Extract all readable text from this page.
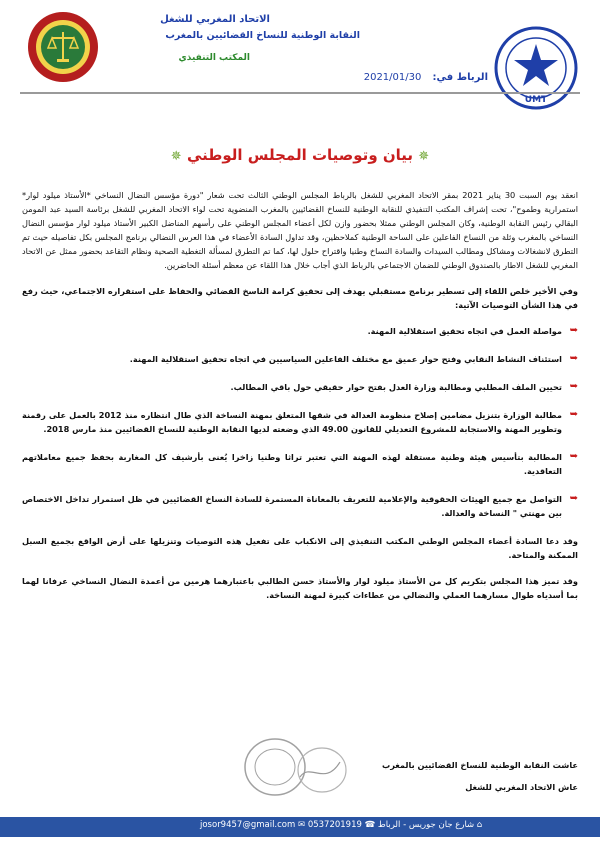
الاتحاد المغربي للشغل
النقابة الوطنية للنساخ القضائيين بالمغرب
المكتب التنفيذي
UMT
الرباط في: 2021/01/30
✵ بيان وتوصيات المجلس الوطني ✵

انعقد يوم السبت 30 يناير 2021 بمقر الاتحاد المغربي للشغل بالرباط المجلس الوطني الثالث تحت شعار "دورة مؤسس النضال النساخي *الأستاذ ميلود لوار* استمرارية وطموح"، تحت إشراف المكتب التنفيذي للنقابة الوطنية للنساخ القضائيين بالمغرب المنضوية تحت لواء الاتحاد المغربي للشغل برئاسة السيد عبد المومن البقالي رئيس النقابة الوطنية، وكان المجلس الوطني ممثلا بحضور وازن لكل أعضاء المجلس الوطني على رأسهم المناضل الكبير الأستاذ ميلود لوار مؤسس النضال النساخي بالمغرب وثلة من النساخ الفاعلين على الساحة الوطنية كملاحظين، وقد تداول السادة الأعضاء في هذا العرس النضالي برنامج المجلس بكل تفاصيله حيث تم التطرق لانشغالات ومشاكل ومطالب السيدات والسادة النساخ وطنيا واقتراح حلول لها، كما تم التطرق لمسألة التغطية الصحية ونظام التقاعد بحضور ممثل عن الاتحاد المغربي للشغل الاطار بالصندوق الوطني للضمان الاجتماعي بالرباط الذي أجاب خلال هذا اللقاء عن معظم أسئلة الحاضرين.

وفي الأخير خلص اللقاء إلى تسطير برنامج مستقبلي يهدف إلى تحقيق كرامة الناسخ القضائي والحفاظ على استقراره الاجتماعي، حيث رفع في هذا الشأن التوصيات الآتية:

➥
مواصلة العمل في اتجاه تحقيق استقلالية المهنة.
➥
استئناف النشاط النقابي وفتح حوار عميق مع مختلف الفاعلين السياسيين في اتجاه تحقيق استقلالية المهنة.
➥
تحيين الملف المطلبي ومطالبة وزارة العدل بفتح حوار حقيقي حول باقي المطالب.
➥
مطالبة الوزارة بتنزيل مضامين إصلاح منظومة العدالة في شقها المتعلق بمهنة النساخة الذي طال انتظاره منذ 2012 بالعمل على رقمنة وتطوير المهنة والاستجابة للمشروع التعديلي للقانون 49.00 الذي وضعته لديها النقابة الوطنية للنساخ القضائيين منذ مارس 2018.
➥
المطالبة بتأسيس هيئة وطنية مستقلة لهذه المهنة التي تعتبر تراثا وطنيا زاخرا يُعنى بأرشيف كل المغاربة بحفظ جميع معاملاتهم التعاقدية.
➥
التواصل مع جميع الهيئات الحقوقية والإعلامية للتعريف بالمعاناة المستمرة للسادة النساخ القضائيين في ظل استمرار تداخل الاختصاص بين مهنتي " النساخة والعدالة.

وقد دعا السادة أعضاء المجلس الوطني المكتب التنفيذي إلى الانكباب على تفعيل هذه التوصيات وتنزيلها على أرض الواقع بجميع السبل الممكنة والمتاحة.

وقد تميز هذا المجلس بتكريم كل من الأستاذ ميلود لوار والأستاذ حسن الطالبي باعتبارهما هرمين من أعمدة النضال النساخي عرفانا لهما بما أسدياه طوال مسارهما العملي والنضالي من عطاءات كبيرة لمهنة النساخة.

عاشت النقابة الوطنية للنساخ القضائيين بالمغرب
عاش الاتحاد المغربي للشغل
josor9457@gmail.com ✉ 0537201919 ☎ شارع جان جوريس - الرباط ⌂
